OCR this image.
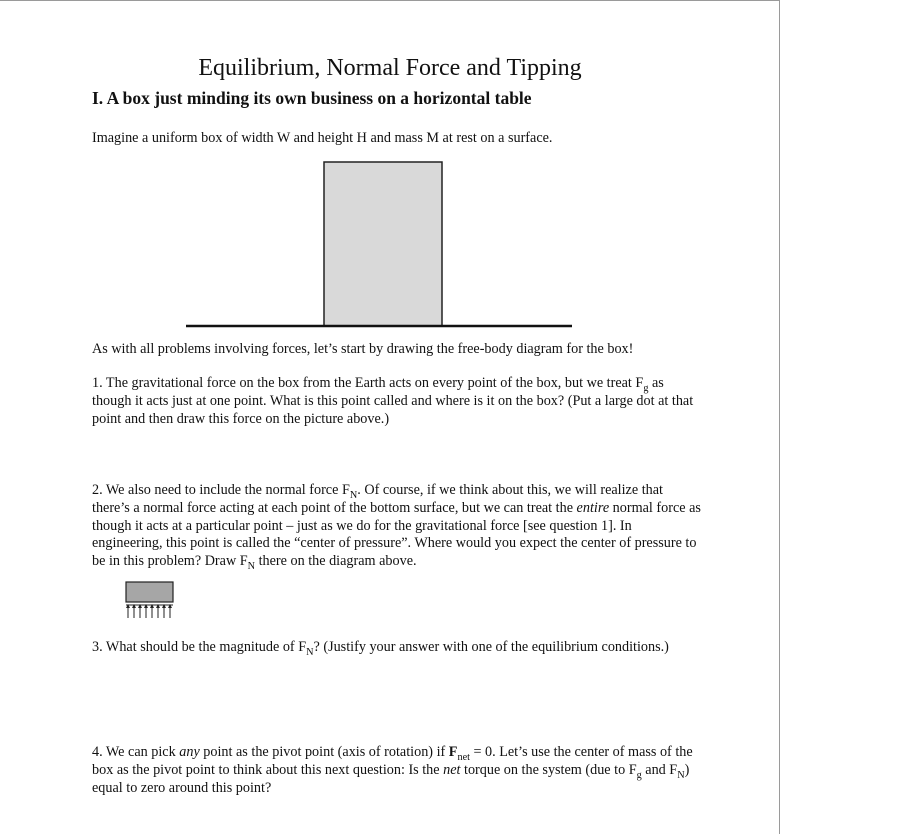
Equilibrium, Normal Force and Tipping
I. A box just minding its own business on a horizontal table

Imagine a uniform box of width W and height H and mass M at rest on a surface.

As with all problems involving forces, let’s start by drawing the free-body diagram for the box!

1. The gravitational force on the box from the Earth acts on every point of the box, but we treat $F_g$ as though it acts just at one point. What is this point called and where is it on the box? (Put a large dot at that point and then draw this force on the picture above.)

2. We also need to include the normal force $F_N$. Of course, if we think about this, we will realize that there’s a normal force acting at each point of the bottom surface, but we can treat the entire normal force as though it acts at a particular point – just as we do for the gravitational force [see question 1]. In engineering, this point is called the “center of pressure”. Where would you expect the center of pressure to be in this problem? Draw $F_N$ there on the diagram above.

3. What should be the magnitude of $F_N$? (Justify your answer with one of the equilibrium conditions.)

4. We can pick any point as the pivot point (axis of rotation) if $F_{net} = 0$. Let’s use the center of mass of the box as the pivot point to think about this next question: Is the net torque on the system (due to $F_g$ and $F_N$) equal to zero around this point?
